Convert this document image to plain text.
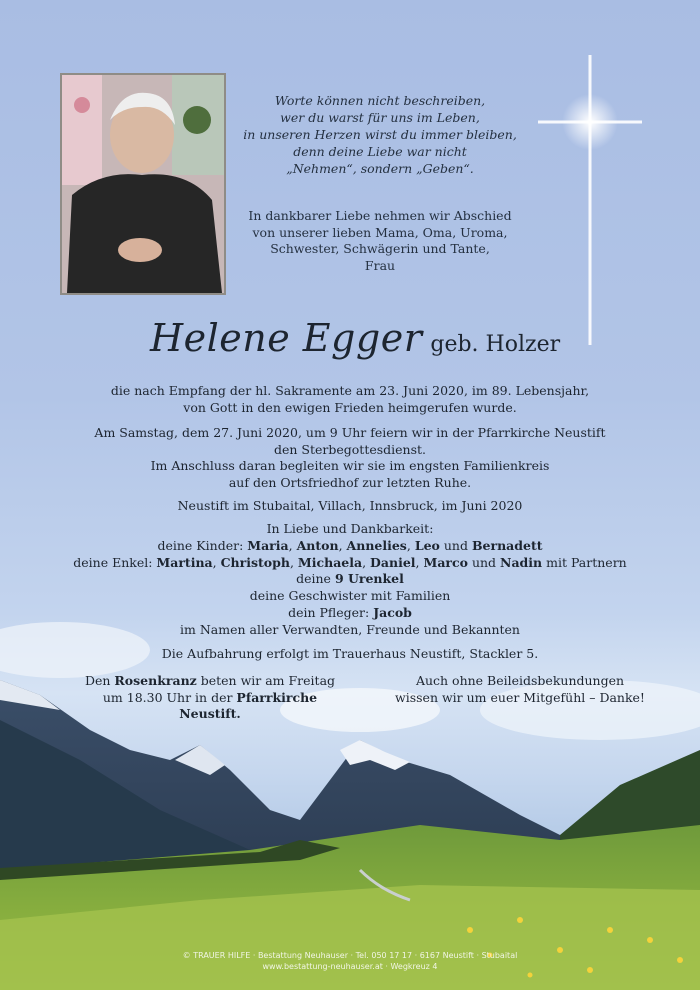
Worte können nicht beschreiben,
wer du warst für uns im Leben,
in unseren Herzen wirst du immer bleiben,
denn deine Liebe war nicht
„Nehmen“, sondern „Geben“.
In dankbarer Liebe nehmen wir Abschied
von unserer lieben Mama, Oma, Uroma,
Schwester, Schwägerin und Tante,
Frau
Helene Egger geb. Holzer
die nach Empfang der hl. Sakramente am 23. Juni 2020, im 89. Lebensjahr,
von Gott in den ewigen Frieden heimgerufen wurde.
Am Samstag, dem 27. Juni 2020, um 9 Uhr feiern wir in der Pfarrkirche Neustift
den Sterbegottesdienst.
Im Anschluss daran begleiten wir sie im engsten Familienkreis
auf den Ortsfriedhof zur letzten Ruhe.
Neustift im Stubaital, Villach, Innsbruck, im Juni 2020
In Liebe und Dankbarkeit:
deine Kinder: Maria, Anton, Annelies, Leo und Bernadett
deine Enkel: Martina, Christoph, Michaela, Daniel, Marco und Nadin mit Partnern
deine 9 Urenkel
deine Geschwister mit Familien
dein Pfleger: Jacob
im Namen aller Verwandten, Freunde und Bekannten
Die Aufbahrung erfolgt im Trauerhaus Neustift, Stackler 5.
Den Rosenkranz beten wir am Freitag
um 18.30 Uhr in der Pfarrkirche Neustift.
Auch ohne Beileidsbekundungen
wissen wir um euer Mitgefühl – Danke!
© TRAUER HILFE · Bestattung Neuhauser · Tel. 050 17 17 · 6167 Neustift · Stubaital
www.bestattung-neuhauser.at · Wegkreuz 4
